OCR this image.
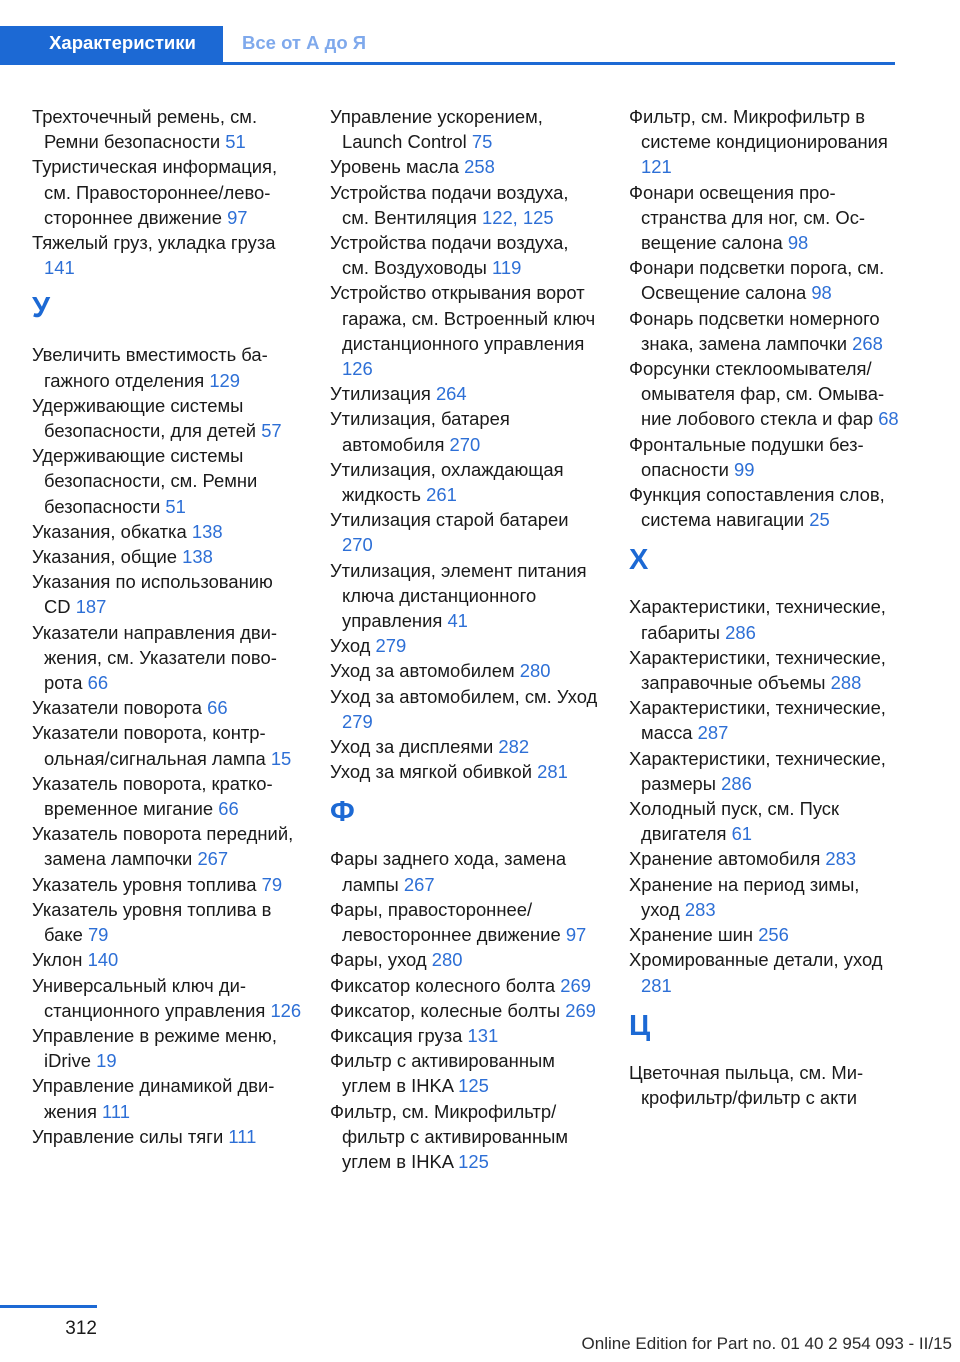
Характеристики	Все от А до Я

Трехточечный ремень, см. Ремни безопасности 51

Туристическая информация, см. Правостороннее/левостороннее движение 97

Тяжелый груз, укладка груза 141

У

Увеличить вместимость багажного отделения 129

Удерживающие системы безопасности, для детей 57

Удерживающие системы безопасности, см. Ремни безопасности 51

Указания, обкатка 138

Указания, общие 138

Указания по использованию CD 187

Указатели направления движения, см. Указатели поворота 66

Указатели поворота 66

Указатели поворота, контрольная/сигнальная лампа 15

Указатель поворота, кратковременное мигание 66

Указатель поворота передний, замена лампочки 267

Указатель уровня топлива 79

Указатель уровня топлива в баке 79

Уклон 140

Универсальный ключ дистанционного управления 126

Управление в режиме меню, iDrive 19

Управление динамикой движения 111

Управление силы тяги 111

Управление ускорением, Launch Control 75

Уровень масла 258

Устройства подачи воздуха, см. Вентиляция 122, 125

Устройства подачи воздуха, см. Воздуховоды 119

Устройство открывания ворот гаража, см. Встроенный ключ дистанционного управления 126

Утилизация 264

Утилизация, батарея автомобиля 270

Утилизация, охлаждающая жидкость 261

Утилизация старой батареи 270

Утилизация, элемент питания ключа дистанционного управления 41

Уход 279

Уход за автомобилем 280

Уход за автомобилем, см. Уход 279

Уход за дисплеями 282

Уход за мягкой обивкой 281

Ф

Фары заднего хода, замена лампы 267

Фары, правостороннее/ левостороннее движение 97

Фары, уход 280

Фиксатор колесного болта 269

Фиксатор, колесные болты 269

Фиксация груза 131

Фильтр с активированным углем в IHKA 125

Фильтр, см. Микрофильтр/ фильтр с активированным углем в IHKA 125

Фильтр, см. Микрофильтр в системе кондиционирования 121

Фонари освещения пространства для ног, см. Освещение салона 98

Фонари подсветки порога, см. Освещение салона 98

Фонарь подсветки номерного знака, замена лампочки 268

Форсунки стеклоомывателя/ омывателя фар, см. Омывание лобового стекла и фар 68

Фронтальные подушки безопасности 99

Функция сопоставления слов, система навигации 25

Х

Характеристики, технические, габариты 286

Характеристики, технические, заправочные объемы 288

Характеристики, технические, масса 287

Характеристики, технические, размеры 286

Холодный пуск, см. Пуск двигателя 61

Хранение автомобиля 283

Хранение на период зимы, уход 283

Хранение шин 256

Хромированные детали, уход 281

Ц

Цветочная пыльца, см. Микрофильтр/фильтр с акти

312
Online Edition for Part no. 01 40 2 954 093 - II/15
